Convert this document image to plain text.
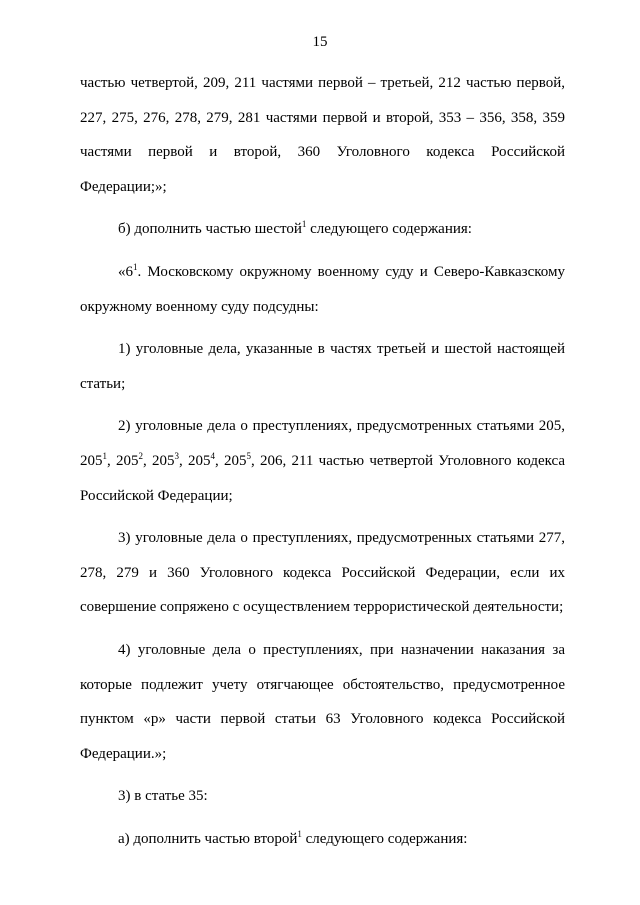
15

частью четвертой, 209, 211 частями первой – третьей, 212 частью первой, 227, 275, 276, 278, 279, 281 частями первой и второй, 353 – 356, 358, 359 частями первой и второй, 360 Уголовного кодекса Российской Федерации;»;

б) дополнить частью шестой$^1$ следующего содержания:

«$6^1$. Московскому окружному военному суду и Северо-Кавказскому окружному военному суду подсудны:

1) уголовные дела, указанные в частях третьей и шестой настоящей статьи;

2) уголовные дела о преступлениях, предусмотренных статьями 205, $205^1$, $205^2$, $205^3$, $205^4$, $205^5$, 206, 211 частью четвертой Уголовного кодекса Российской Федерации;

3) уголовные дела о преступлениях, предусмотренных статьями 277, 278, 279 и 360 Уголовного кодекса Российской Федерации, если их совершение сопряжено с осуществлением террористической деятельности;

4) уголовные дела о преступлениях, при назначении наказания за которые подлежит учету отягчающее обстоятельство, предусмотренное пунктом «р» части первой статьи 63 Уголовного кодекса Российской Федерации.»;

3) в статье 35:

а) дополнить частью второй$^1$ следующего содержания:
